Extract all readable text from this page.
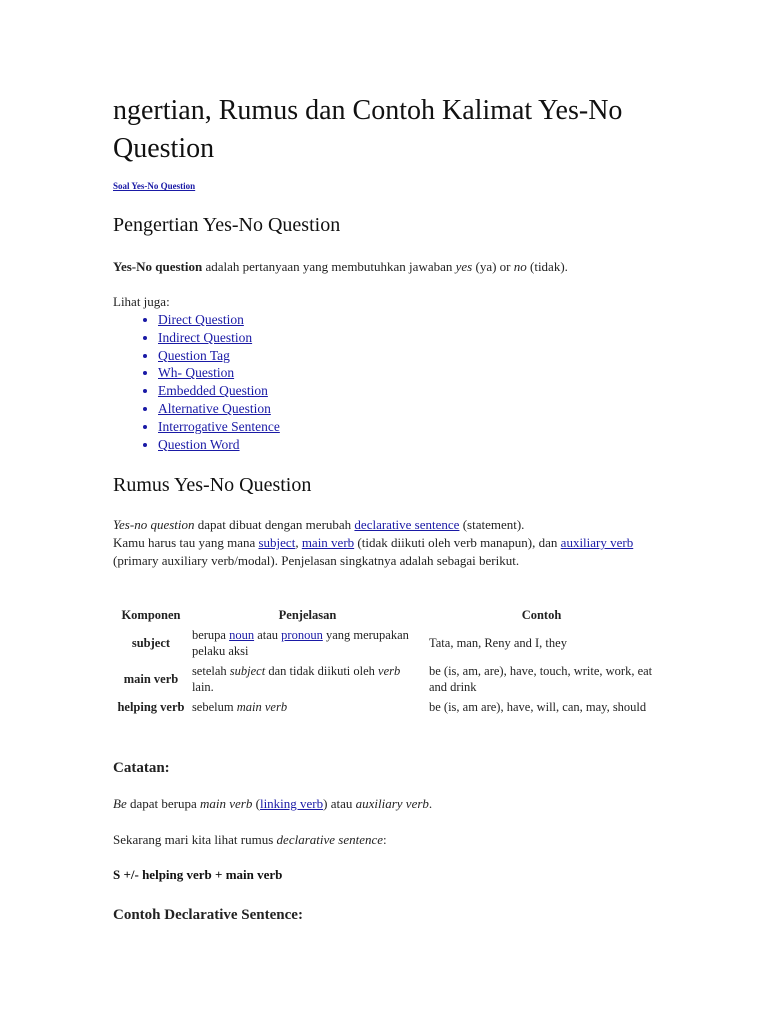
ngertian, Rumus dan Contoh Kalimat Yes-No Question
Soal Yes-No Question
Pengertian Yes-No Question
Yes-No question adalah pertanyaan yang membutuhkan jawaban yes (ya) or no (tidak).
Lihat juga:
• Direct Question
• Indirect Question
• Question Tag
• Wh- Question
• Embedded Question
• Alternative Question
• Interrogative Sentence
• Question Word
Rumus Yes-No Question
Yes-no question dapat dibuat dengan merubah declarative sentence (statement).
Kamu harus tau yang mana subject, main verb (tidak diikuti oleh verb manapun), dan auxiliary verb (primary auxiliary verb/modal). Penjelasan singkatnya adalah sebagai berikut.
Komponen	Penjelasan	Contoh
subject	berupa noun atau pronoun yang merupakan pelaku aksi	Tata, man, Reny and I, they
main verb	setelah subject dan tidak diikuti oleh verb lain.	be (is, am, are), have, touch, write, work, eat and drink
helping verb	sebelum main verb	be (is, am are), have, will, can, may, should
Catatan:
Be dapat berupa main verb (linking verb) atau auxiliary verb.
Sekarang mari kita lihat rumus declarative sentence:
S +/- helping verb + main verb
Contoh Declarative Sentence:
